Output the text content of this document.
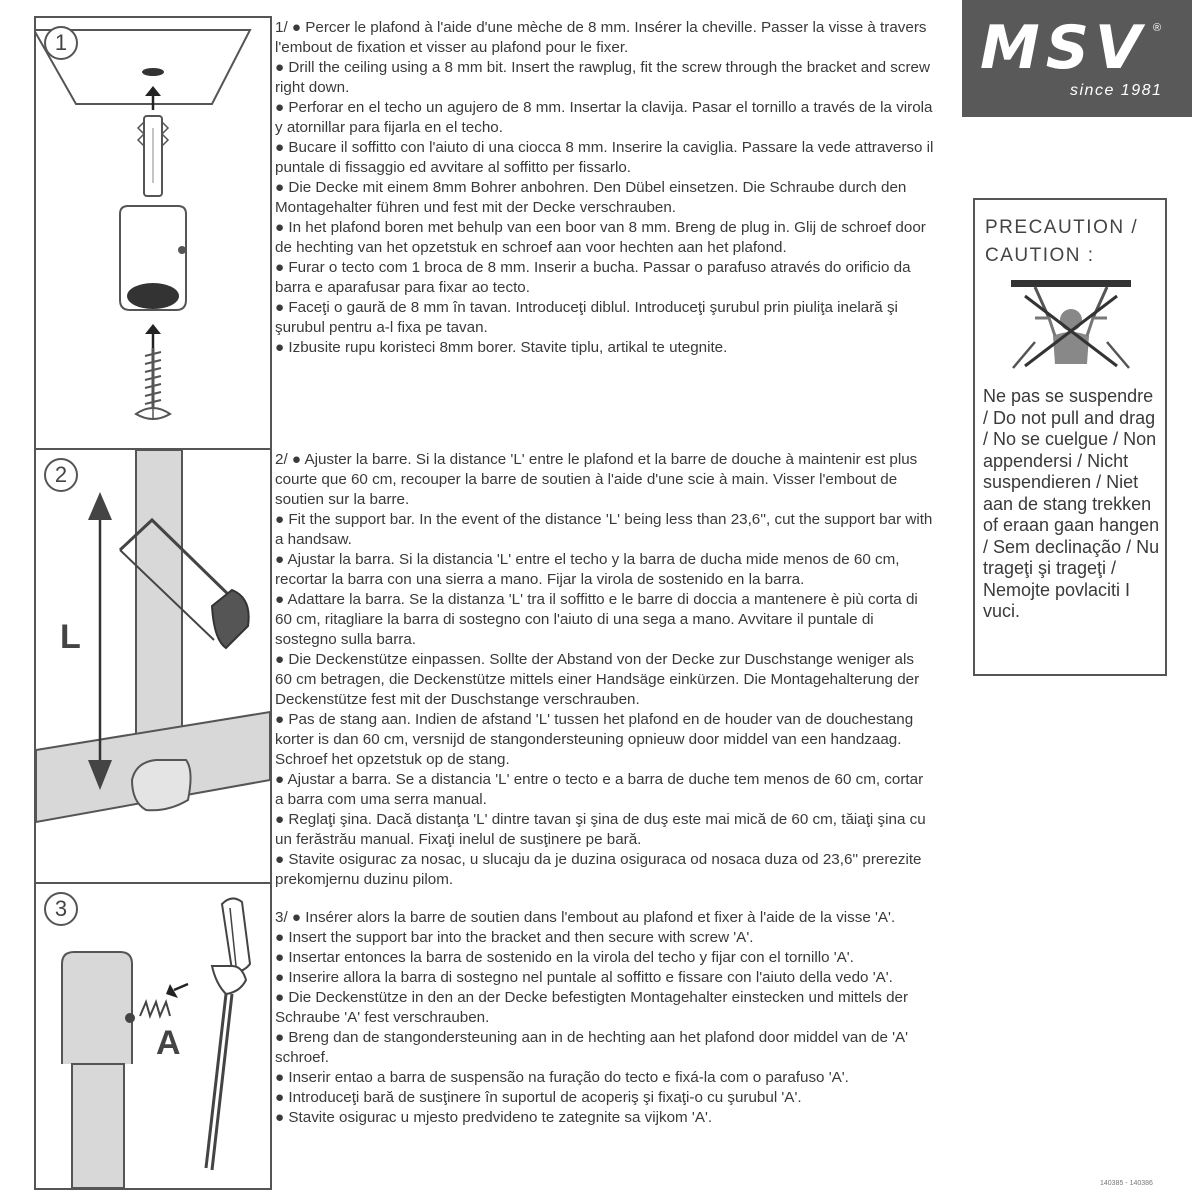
1
2
L
3
A

1/ ● Percer le plafond à l'aide d'une mèche de 8 mm. Insérer la cheville. Passer la visse à travers l'embout de fixation et visser au plafond pour le fixer.

● Drill the ceiling using a 8 mm bit. Insert the rawplug, fit the screw through the bracket and screw right down.

● Perforar en el techo un agujero de 8 mm. Insertar la clavija. Pasar el tornillo a través de la virola y atornillar para fijarla en el techo.

● Bucare il soffitto con l'aiuto di una ciocca 8 mm. Inserire la caviglia. Passare la vede attraverso il puntale di fissaggio ed avvitare al soffitto per fissarlo.

● Die Decke mit einem 8mm Bohrer anbohren. Den Dübel einsetzen. Die Schraube durch den Montagehalter führen und fest mit der Decke verschrauben.

● In het plafond boren met behulp van een boor van 8 mm. Breng de plug in. Glij de schroef door de hechting van het opzetstuk en schroef aan voor hechten aan het plafond.

● Furar o tecto com 1 broca de 8 mm. Inserir a bucha. Passar o parafuso através do orificio da barra e aparafusar para fixar ao tecto.

● Faceţi o gaură de 8 mm în tavan. Introduceţi diblul. Introduceţi şurubul prin piuliţa inelară şi şurubul pentru a-l fixa pe tavan.

● Izbusite rupu koristeci 8mm borer. Stavite tiplu, artikal te utegnite.

2/ ● Ajuster la barre. Si la distance 'L' entre le plafond et la barre de douche à maintenir est plus courte que 60 cm, recouper la barre de soutien à l'aide d'une scie à main. Visser l'embout de soutien sur la barre.

● Fit the support bar. In the event of the distance 'L' being less than 23,6'', cut the support bar with a handsaw.

● Ajustar la barra. Si la distancia 'L' entre el techo y la barra de ducha mide menos de 60 cm, recortar la barra con una sierra a mano. Fijar la virola de sostenido en la barra.

● Adattare la barra. Se la distanza 'L' tra il soffitto e le barre di doccia a mantenere è più corta di 60 cm, ritagliare la barra di sostegno con l'aiuto di una sega a mano. Avvitare il puntale di sostegno sulla barra.

● Die Deckenstütze einpassen. Sollte der Abstand von der Decke zur Duschstange weniger als 60 cm betragen, die Deckenstütze mittels einer Handsäge einkürzen. Die Montagehalterung der Deckenstütze fest mit der Duschstange verschrauben.

● Pas de stang aan. Indien de afstand 'L' tussen het plafond en de houder van de douchestang korter is dan 60 cm, versnijd de stangondersteuning opnieuw door middel van een handzaag. Schroef het opzetstuk op de stang.

● Ajustar a barra. Se a distancia 'L' entre o tecto e a barra de duche tem menos de 60 cm, cortar a barra com uma serra manual.

● Reglaţi şina. Dacă distanţa 'L' dintre tavan şi şina de duş este mai mică de 60 cm, tăiaţi şina cu un ferăstrău manual. Fixaţi inelul de susţinere pe bară.

● Stavite osigurac za nosac, u slucaju da je duzina osiguraca od nosaca duza od 23,6'' prerezite prekomjernu duzinu pilom.

3/ ● Insérer alors la barre de soutien dans l'embout au plafond et fixer à l'aide de la visse 'A'.

● Insert the support bar into the bracket and then secure with screw 'A'.

● Insertar entonces la barra de sostenido en la virola del techo y fijar con el tornillo 'A'.

● Inserire allora la barra di sostegno nel puntale al soffitto e fissare con l'aiuto della vedo 'A'.

● Die Deckenstütze in den an der Decke befestigten Montagehalter einstecken und mittels der Schraube 'A' fest verschrauben.

● Breng dan de stangondersteuning aan in de hechting aan het plafond door middel van de 'A' schroef.

● Inserir entao a barra de suspensão na furação do tecto e fixá-la com o parafuso 'A'.

● Introduceţi bară de susţinere în suportul de acoperiş şi fixaţi-o cu şurubul 'A'.

● Stavite osigurac u mjesto predvideno te zategnite sa vijkom 'A'.

MSV ®
since 1981
PRECAUTION / CAUTION :
Ne pas se suspendre / Do not pull and drag / No se cuelgue / Non appendersi / Nicht suspendieren / Niet aan de stang trekken of eraan gaan hangen / Sem declinação / Nu trageţi şi trageţi / Nemojte povlaciti I vuci.
140385 - 140386
